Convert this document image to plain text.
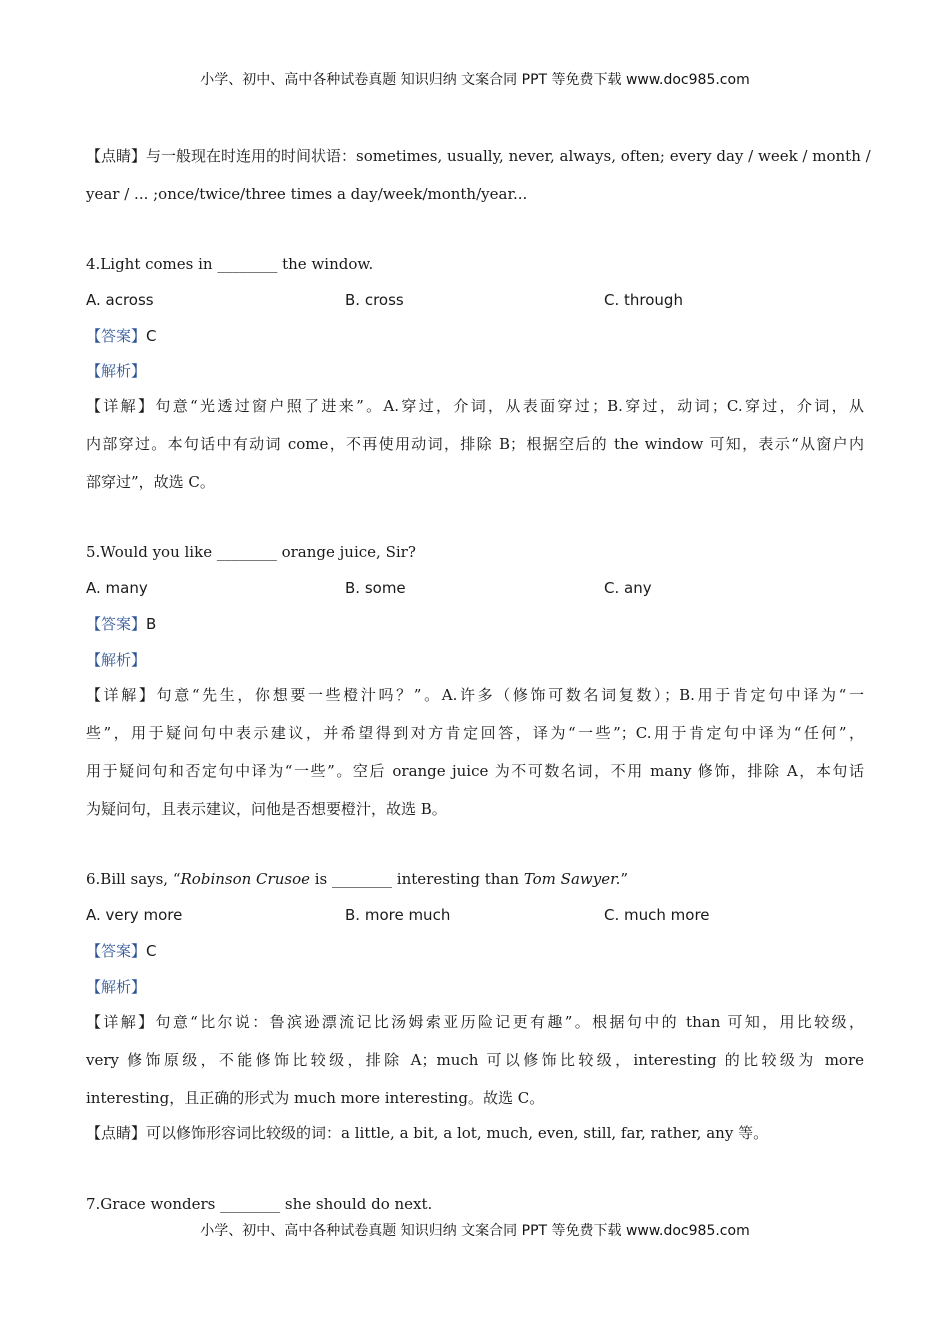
小学、初中、高中各种试卷真题 知识归纳 文案合同 PPT 等免费下载 www.doc985.com
【点睛】与一般现在时连用的时间状语：sometimes, usually, never, always, often; every day / week / month /
year / ... ;once/twice/three times a day/week/month/year...
4.Light comes in ________ the window.
A. across	B. cross	C. through
【答案】C
【解析】
【详解】句意“光透过窗户照了进来”。A.穿过，介词，从表面穿过；B.穿过，动词；C.穿过，介词，从
内部穿过。本句话中有动词 come，不再使用动词，排除 B；根据空后的 the window 可知，表示“从窗户内
部穿过”，故选 C。
5.Would you like ________ orange juice, Sir?
A. many	B. some	C. any
【答案】B
【解析】
【详解】句意“先生，你想要一些橙汁吗？”。A.许多（修饰可数名词复数）；B.用于肯定句中译为“一
些”，用于疑问句中表示建议，并希望得到对方肯定回答，译为“一些”；C.用于肯定句中译为“任何”，
用于疑问句和否定句中译为“一些”。空后 orange juice 为不可数名词，不用 many 修饰，排除 A，本句话
为疑问句，且表示建议，问他是否想要橙汁，故选 B。
6.Bill says, “Robinson Crusoe is ________ interesting than Tom Sawyer.”
A. very more	B. more much	C. much more
【答案】C
【解析】
【详解】句意“比尔说：鲁滨逊漂流记比汤姆索亚历险记更有趣”。根据句中的 than 可知，用比较级，
very 修饰原级，不能修饰比较级，排除 A；much 可以修饰比较级，interesting 的比较级为 more
interesting，且正确的形式为 much more interesting。故选 C。
【点睛】可以修饰形容词比较级的词：a little, a bit, a lot, much, even, still, far, rather, any 等。
7.Grace wonders ________ she should do next.
小学、初中、高中各种试卷真题 知识归纳 文案合同 PPT 等免费下载 www.doc985.com
